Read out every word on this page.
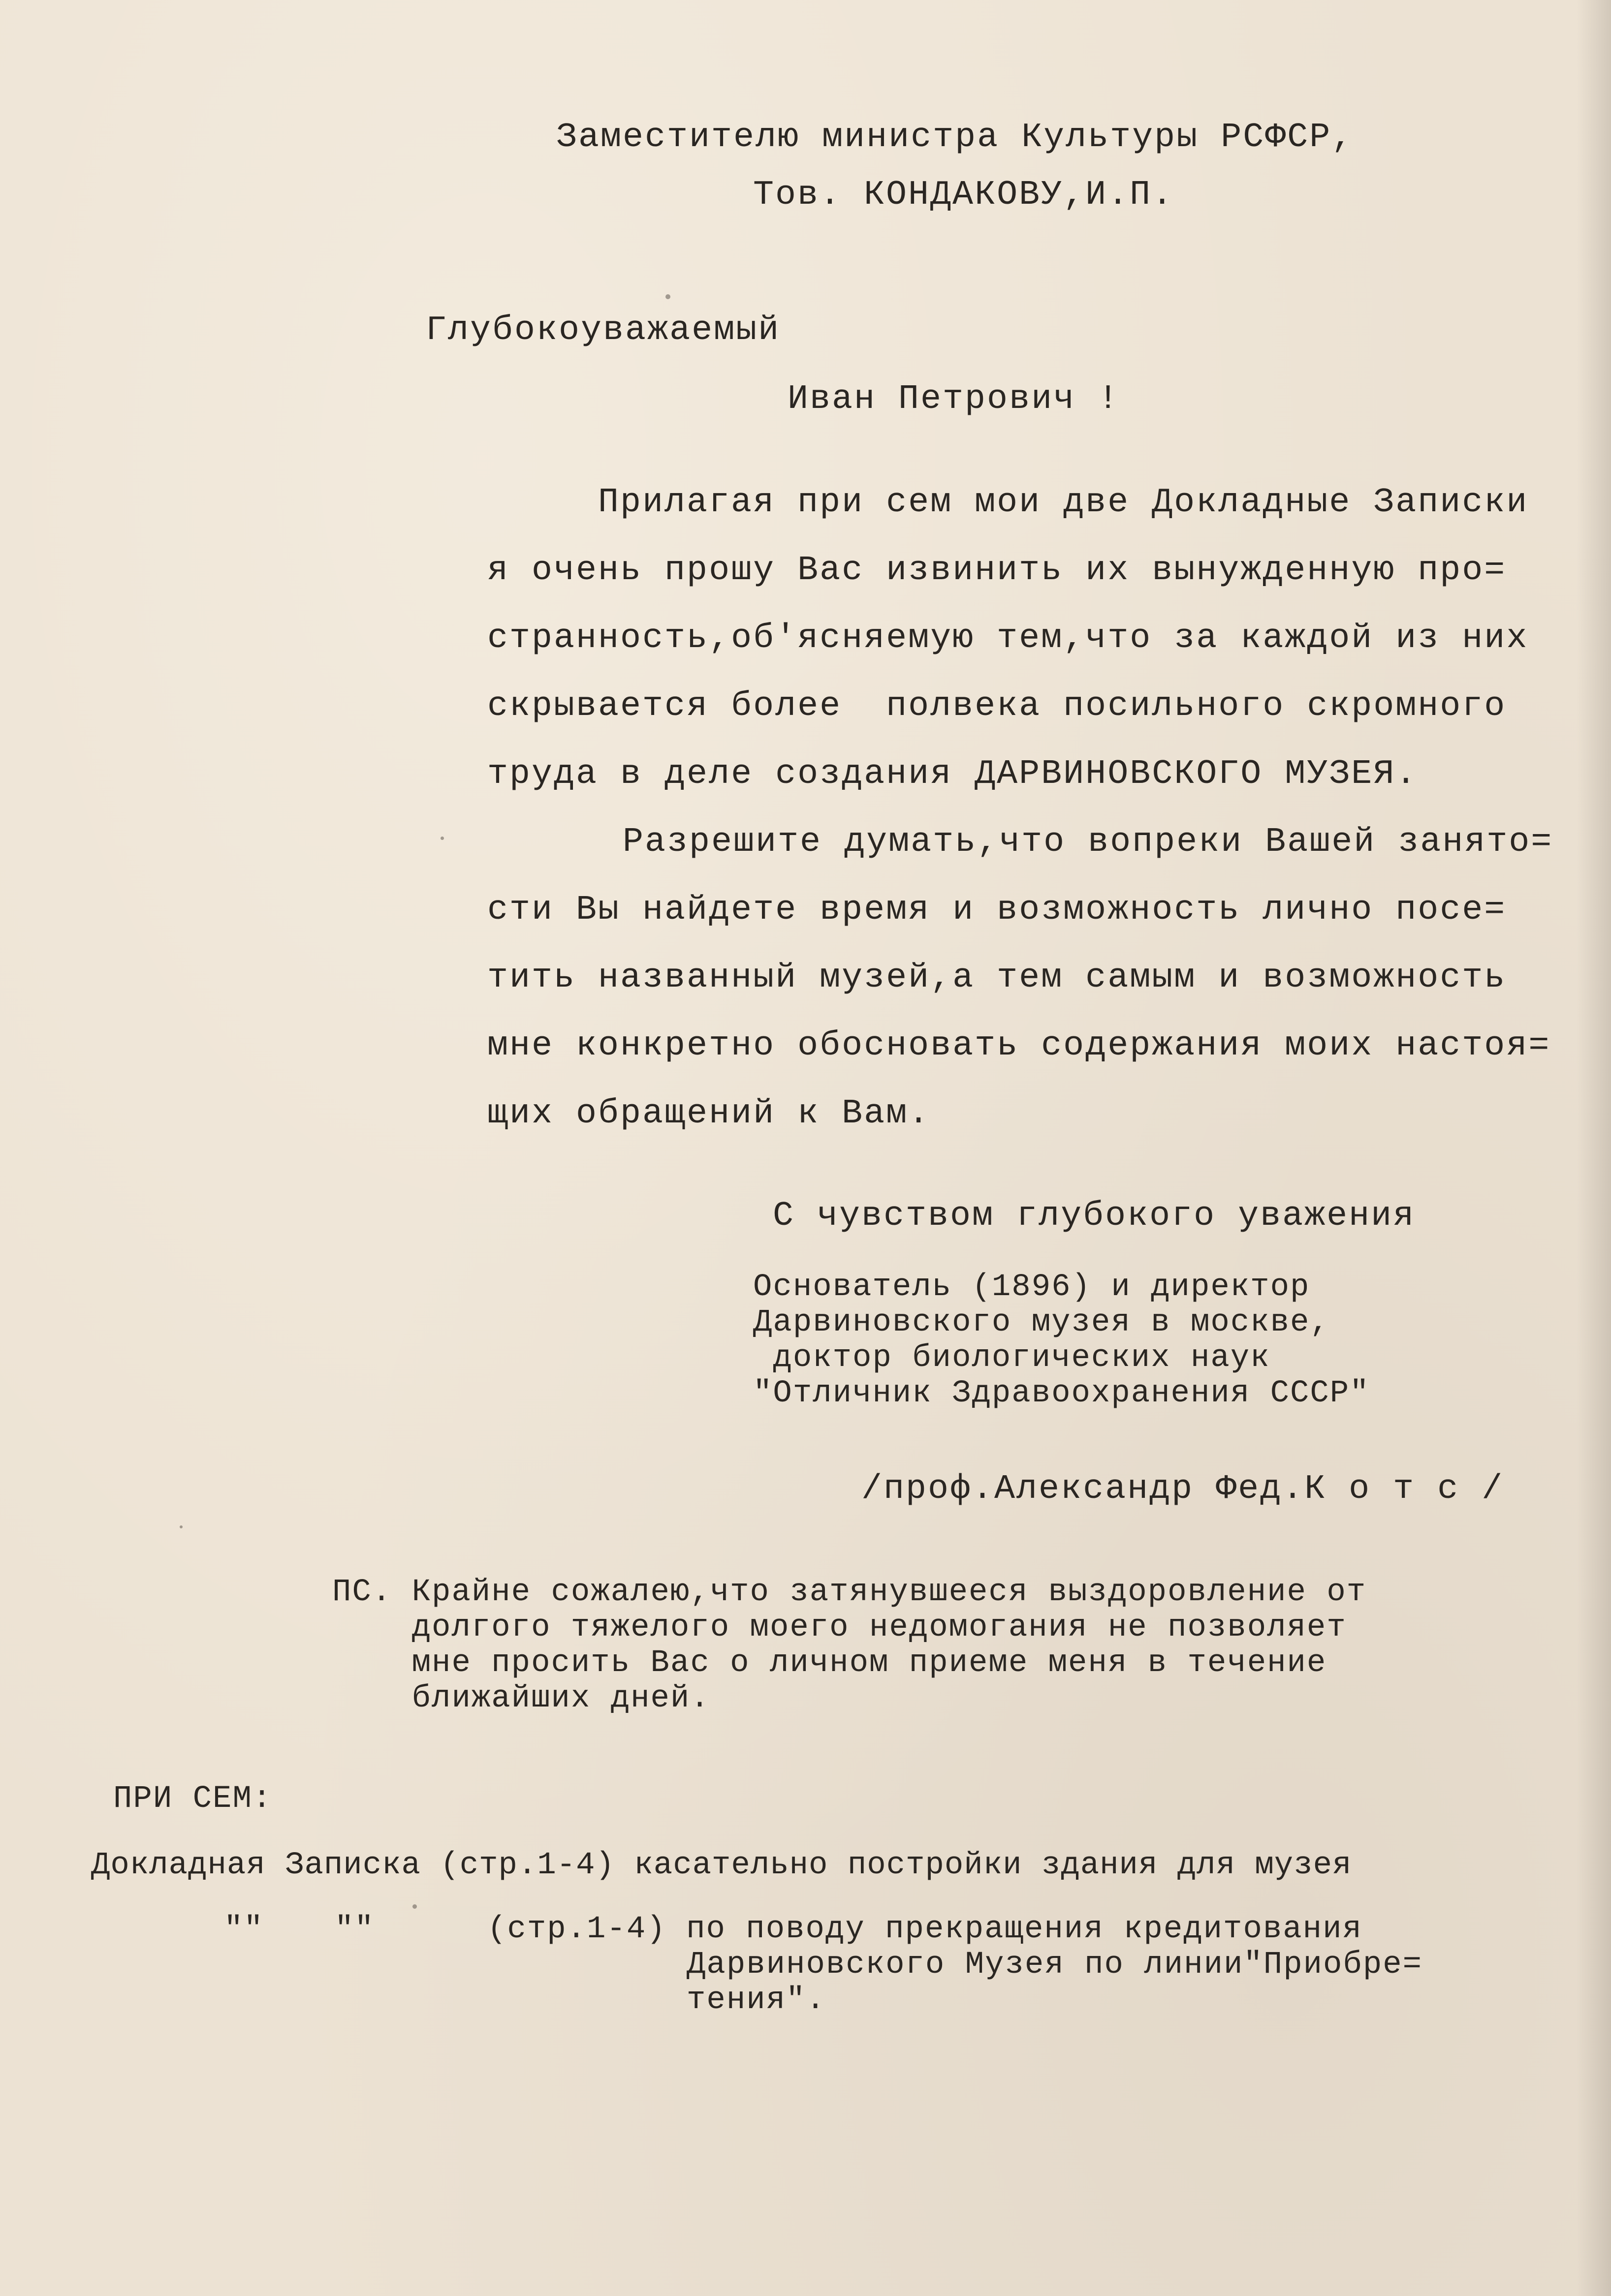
Заместителю министра Культуры РСФСР,
Тов. КОНДАКОВУ,И.П.
Глубокоуважаемый
Иван Петрович !
Прилагая при сем мои две Докладные Записки
я очень прошу Вас извинить их вынужденную про=
странность,об'ясняемую тем,что за каждой из них
скрывается более  полвека посильного скромного
труда в деле создания ДАРВИНОВСКОГО МУЗЕЯ.
Разрешите думать,что вопреки Вашей занято=
сти Вы найдете время и возможность лично посе=
тить названный музей,а тем самым и возможность
мне конкретно обосновать содержания моих настоя=
щих обращений к Вам.
С чувством глубокого уважения
Основатель (1896) и директор
Дарвиновского музея в москве,
доктор биологических наук
"Отличник Здравоохранения СССР"
/проф.Александр Фед.К о т с /
ПС. Крайне сожалею,что затянувшееся выздоровление от
долгого тяжелого моего недомогания не позволяет
мне просить Вас о личном приеме меня в течение
ближайших дней.
ПРИ СЕМ:
Докладная Записка (стр.1-4) касательно постройки здания для музея
"" ""	(стр.1-4) по поводу прекращения кредитования
Дарвиновского Музея по линии"Приобре=
тения".
